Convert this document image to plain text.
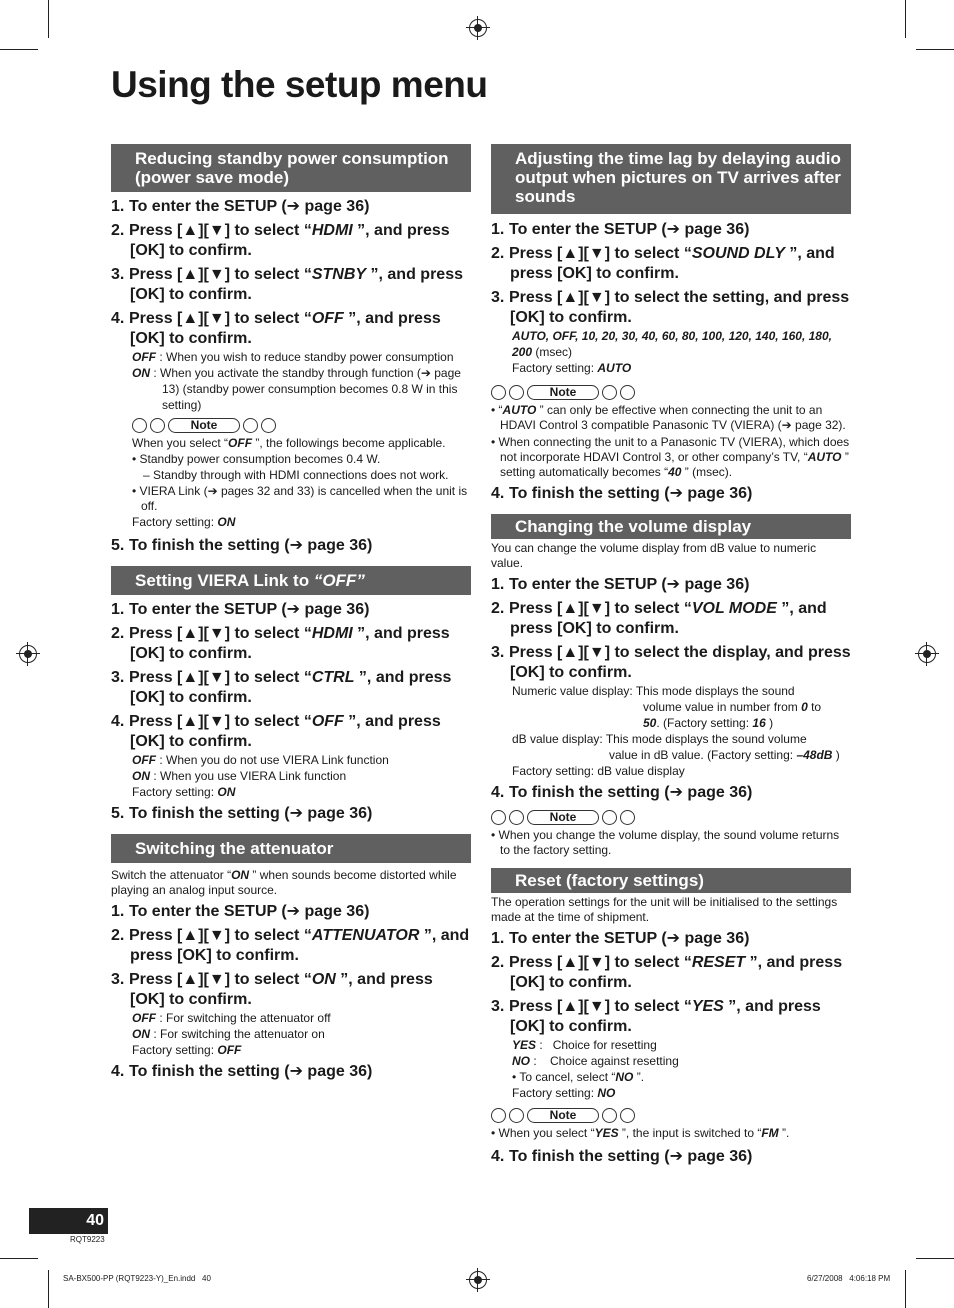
Using the setup menu
Reducing standby power consumption (power save mode)
1. To enter the SETUP (➔ page 36)
2. Press [▲][▼] to select “HDMI ”, and press [OK] to confirm.
3. Press [▲][▼] to select “STNBY ”, and press [OK] to confirm.
4. Press [▲][▼] to select “OFF ”, and press [OK] to confirm.
OFF : When you wish to reduce standby power consumption
ON : When you activate the standby through function (➔ page 13) (standby power consumption becomes 0.8 W in this setting)
Note
When you select “OFF ”, the followings become applicable.
• Standby power consumption becomes 0.4 W.
– Standby through with HDMI connections does not work.
• VIERA Link (➔ pages 32 and 33) is cancelled when the unit is off.
Factory setting: ON
5. To finish the setting (➔ page 36)
Setting VIERA Link to “OFF”
1. To enter the SETUP (➔ page 36)
2. Press [▲][▼] to select “HDMI ”, and press [OK] to confirm.
3. Press [▲][▼] to select “CTRL ”, and press [OK] to confirm.
4. Press [▲][▼] to select “OFF ”, and press [OK] to confirm.
OFF : When you do not use VIERA Link function
ON : When you use VIERA Link function
Factory setting: ON
5. To finish the setting (➔ page 36)
Switching the attenuator
Switch the attenuator “ON ” when sounds become distorted while playing an analog input source.
1. To enter the SETUP (➔ page 36)
2. Press [▲][▼] to select “ATTENUATOR ”, and press [OK] to confirm.
3. Press [▲][▼] to select “ON ”, and press [OK] to confirm.
OFF : For switching the attenuator off
ON : For switching the attenuator on
Factory setting: OFF
4. To finish the setting (➔ page 36)
Adjusting the time lag by delaying audio output when pictures on TV arrives after sounds
1. To enter the SETUP (➔ page 36)
2. Press [▲][▼] to select “SOUND DLY ”, and press [OK] to confirm.
3. Press [▲][▼] to select the setting, and press [OK] to confirm.
AUTO, OFF, 10, 20, 30, 40, 60, 80, 100, 120, 140, 160, 180, 200 (msec)
Factory setting: AUTO
Note
• “AUTO ” can only be effective when connecting the unit to an HDAVI Control 3 compatible Panasonic TV (VIERA) (➔ page 32).
• When connecting the unit to a Panasonic TV (VIERA), which does not incorporate HDAVI Control 3, or other company’s TV, “AUTO ” setting automatically becomes “40 ” (msec).
4. To finish the setting (➔ page 36)
Changing the volume display
You can change the volume display from dB value to numeric value.
1. To enter the SETUP (➔ page 36)
2. Press [▲][▼] to select “VOL MODE ”, and press [OK] to confirm.
3. Press [▲][▼] to select the display, and press [OK] to confirm.
Numeric value display: This mode displays the sound
volume value in number from 0 to
50. (Factory setting: 16 )
dB value display: This mode displays the sound volume
value in dB value. (Factory setting: –48dB )
Factory setting: dB value display
4. To finish the setting (➔ page 36)
Note
• When you change the volume display, the sound volume returns to the factory setting.
Reset (factory settings)
The operation settings for the unit will be initialised to the settings made at the time of shipment.
1. To enter the SETUP (➔ page 36)
2. Press [▲][▼] to select “RESET ”, and press [OK] to confirm.
3. Press [▲][▼] to select “YES ”, and press [OK] to confirm.
YES :   Choice for resetting
NO :    Choice against resetting
• To cancel, select “NO ”.
Factory setting: NO
Note
• When you select “YES ”, the input is switched to “FM ”.
4. To finish the setting (➔ page 36)
40
RQT9223
SA-BX500-PP (RQT9223-Y)_En.indd   40	6/27/2008   4:06:18 PM
